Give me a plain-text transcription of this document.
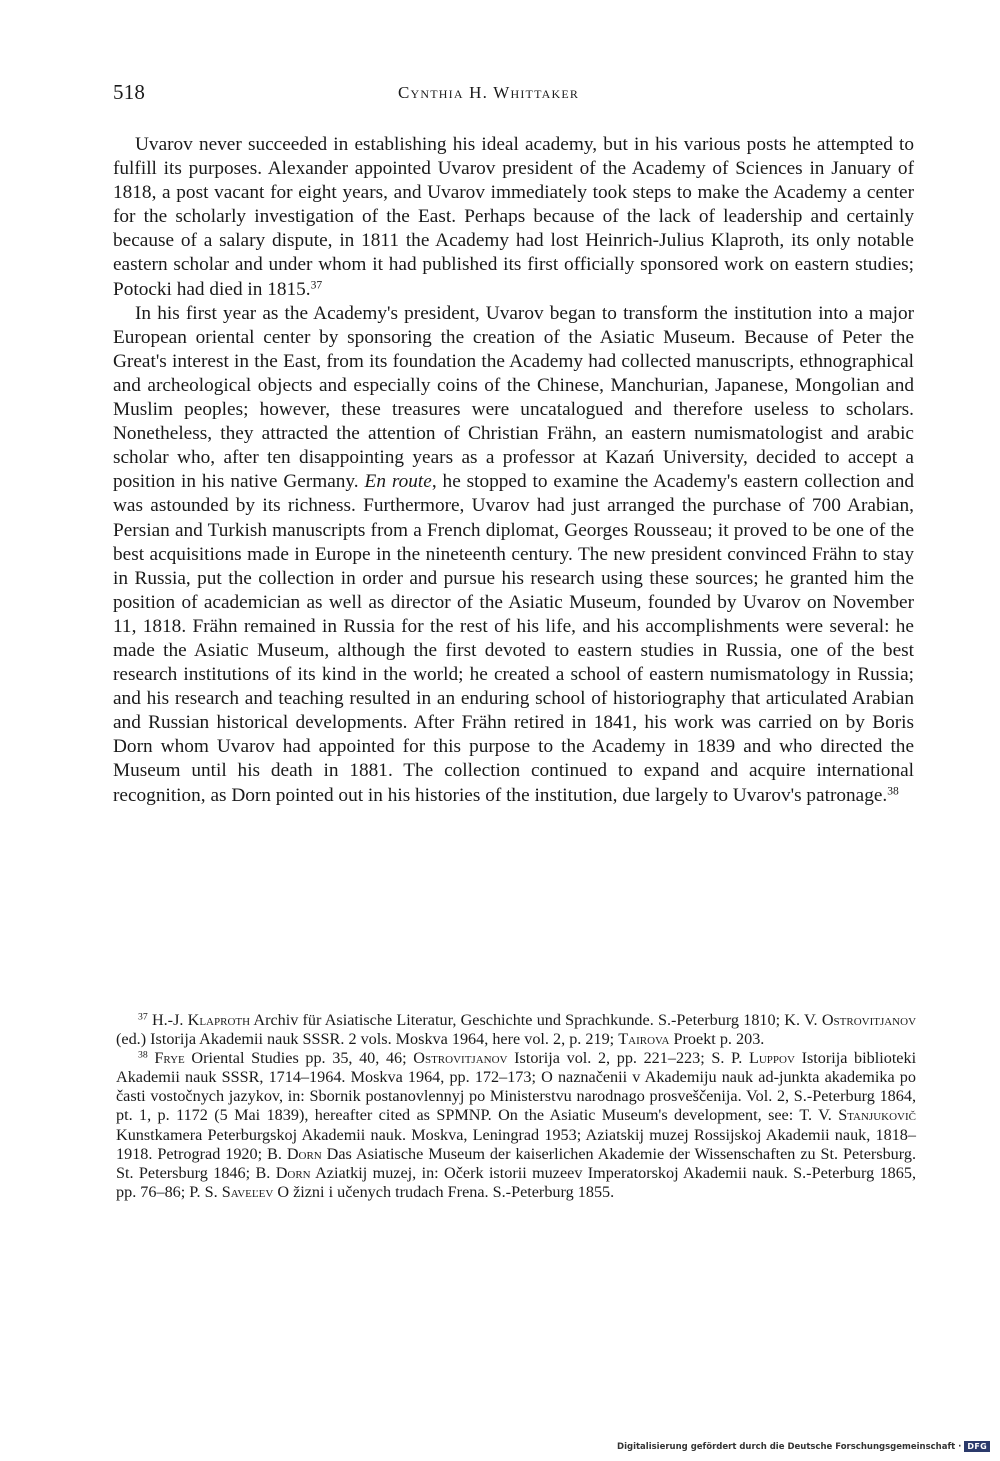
518	Cynthia H. Whittaker

Uvarov never succeeded in establishing his ideal academy, but in his various posts he attempted to fulfill its purposes. Alexander appointed Uvarov president of the Academy of Sciences in January of 1818, a post vacant for eight years, and Uvarov immediately took steps to make the Academy a center for the scholarly investigation of the East. Perhaps because of the lack of leadership and certainly because of a salary dispute, in 1811 the Academy had lost Heinrich-Julius Klaproth, its only notable eastern scholar and under whom it had published its first officially sponsored work on eastern studies; Potocki had died in 1815.37

In his first year as the Academy's president, Uvarov began to transform the institution into a major European oriental center by sponsoring the creation of the Asiatic Museum. Because of Peter the Great's interest in the East, from its foundation the Academy had collected manuscripts, ethnographical and archeological objects and especially coins of the Chinese, Manchurian, Japanese, Mongolian and Muslim peoples; however, these treasures were uncatalogued and therefore useless to scholars. Nonetheless, they attracted the attention of Christian Frähn, an eastern numismatologist and arabic scholar who, after ten disappointing years as a professor at Kazań University, decided to accept a position in his native Germany. En route, he stopped to examine the Academy's eastern collection and was astounded by its richness. Furthermore, Uvarov had just arranged the purchase of 700 Arabian, Persian and Turkish manuscripts from a French diplomat, Georges Rousseau; it proved to be one of the best acquisitions made in Europe in the nineteenth century. The new president convinced Frähn to stay in Russia, put the collection in order and pursue his research using these sources; he granted him the position of academician as well as director of the Asiatic Museum, founded by Uvarov on November 11, 1818. Frähn remained in Russia for the rest of his life, and his accomplishments were several: he made the Asiatic Museum, although the first devoted to eastern studies in Russia, one of the best research institutions of its kind in the world; he created a school of eastern numismatology in Russia; and his research and teaching resulted in an enduring school of historiography that articulated Arabian and Russian historical developments. After Frähn retired in 1841, his work was carried on by Boris Dorn whom Uvarov had appointed for this purpose to the Academy in 1839 and who directed the Museum until his death in 1881. The collection continued to expand and acquire international recognition, as Dorn pointed out in his histories of the institution, due largely to Uvarov's patronage.$^{38}$

$^{37}$ H.-J. Klaproth Archiv für Asiatische Literatur, Geschichte und Sprachkunde. S.-Peterburg 1810; K. V. Ostrovitjanov (ed.) Istorija Akademii nauk SSSR. 2 vols. Moskva 1964, here vol. 2, p. 219; Tairova Proekt p. 203.

$^{38}$ Frye Oriental Studies pp. 35, 40, 46; Ostrovitjanov Istorija vol. 2, pp. 221–223; S. P. Luppov Istorija biblioteki Akademii nauk SSSR, 1714–1964. Moskva 1964, pp. 172–173; O naznačenii v Akademiju nauk ad-junkta akademika po časti vostočnych jazykov, in: Sbornik postanovlennyj po Ministerstvu narodnago prosveščenija. Vol. 2, S.-Peterburg 1864, pt. 1, p. 1172 (5 Mai 1839), hereafter cited as SPMNP. On the Asiatic Museum's development, see: T. V. Stanjukovič Kunstkamera Peterburgskoj Akademii nauk. Moskva, Leningrad 1953; Aziatskij muzej Rossijskoj Akademii nauk, 1818–1918. Petrograd 1920; B. Dorn Das Asiatische Museum der kaiserlichen Akademie der Wissenschaften zu St. Petersburg. St. Petersburg 1846; B. Dorn Aziatkij muzej, in: Očerk istorii muzeev Imperatorskoj Akademii nauk. S.-Peterburg 1865, pp. 76–86; P. S. Saveľev O žizni i učenych trudach Frena. S.-Peterburg 1855.

Digitalisierung gefördert durch die Deutsche Forschungsgemeinschaft · DFG
